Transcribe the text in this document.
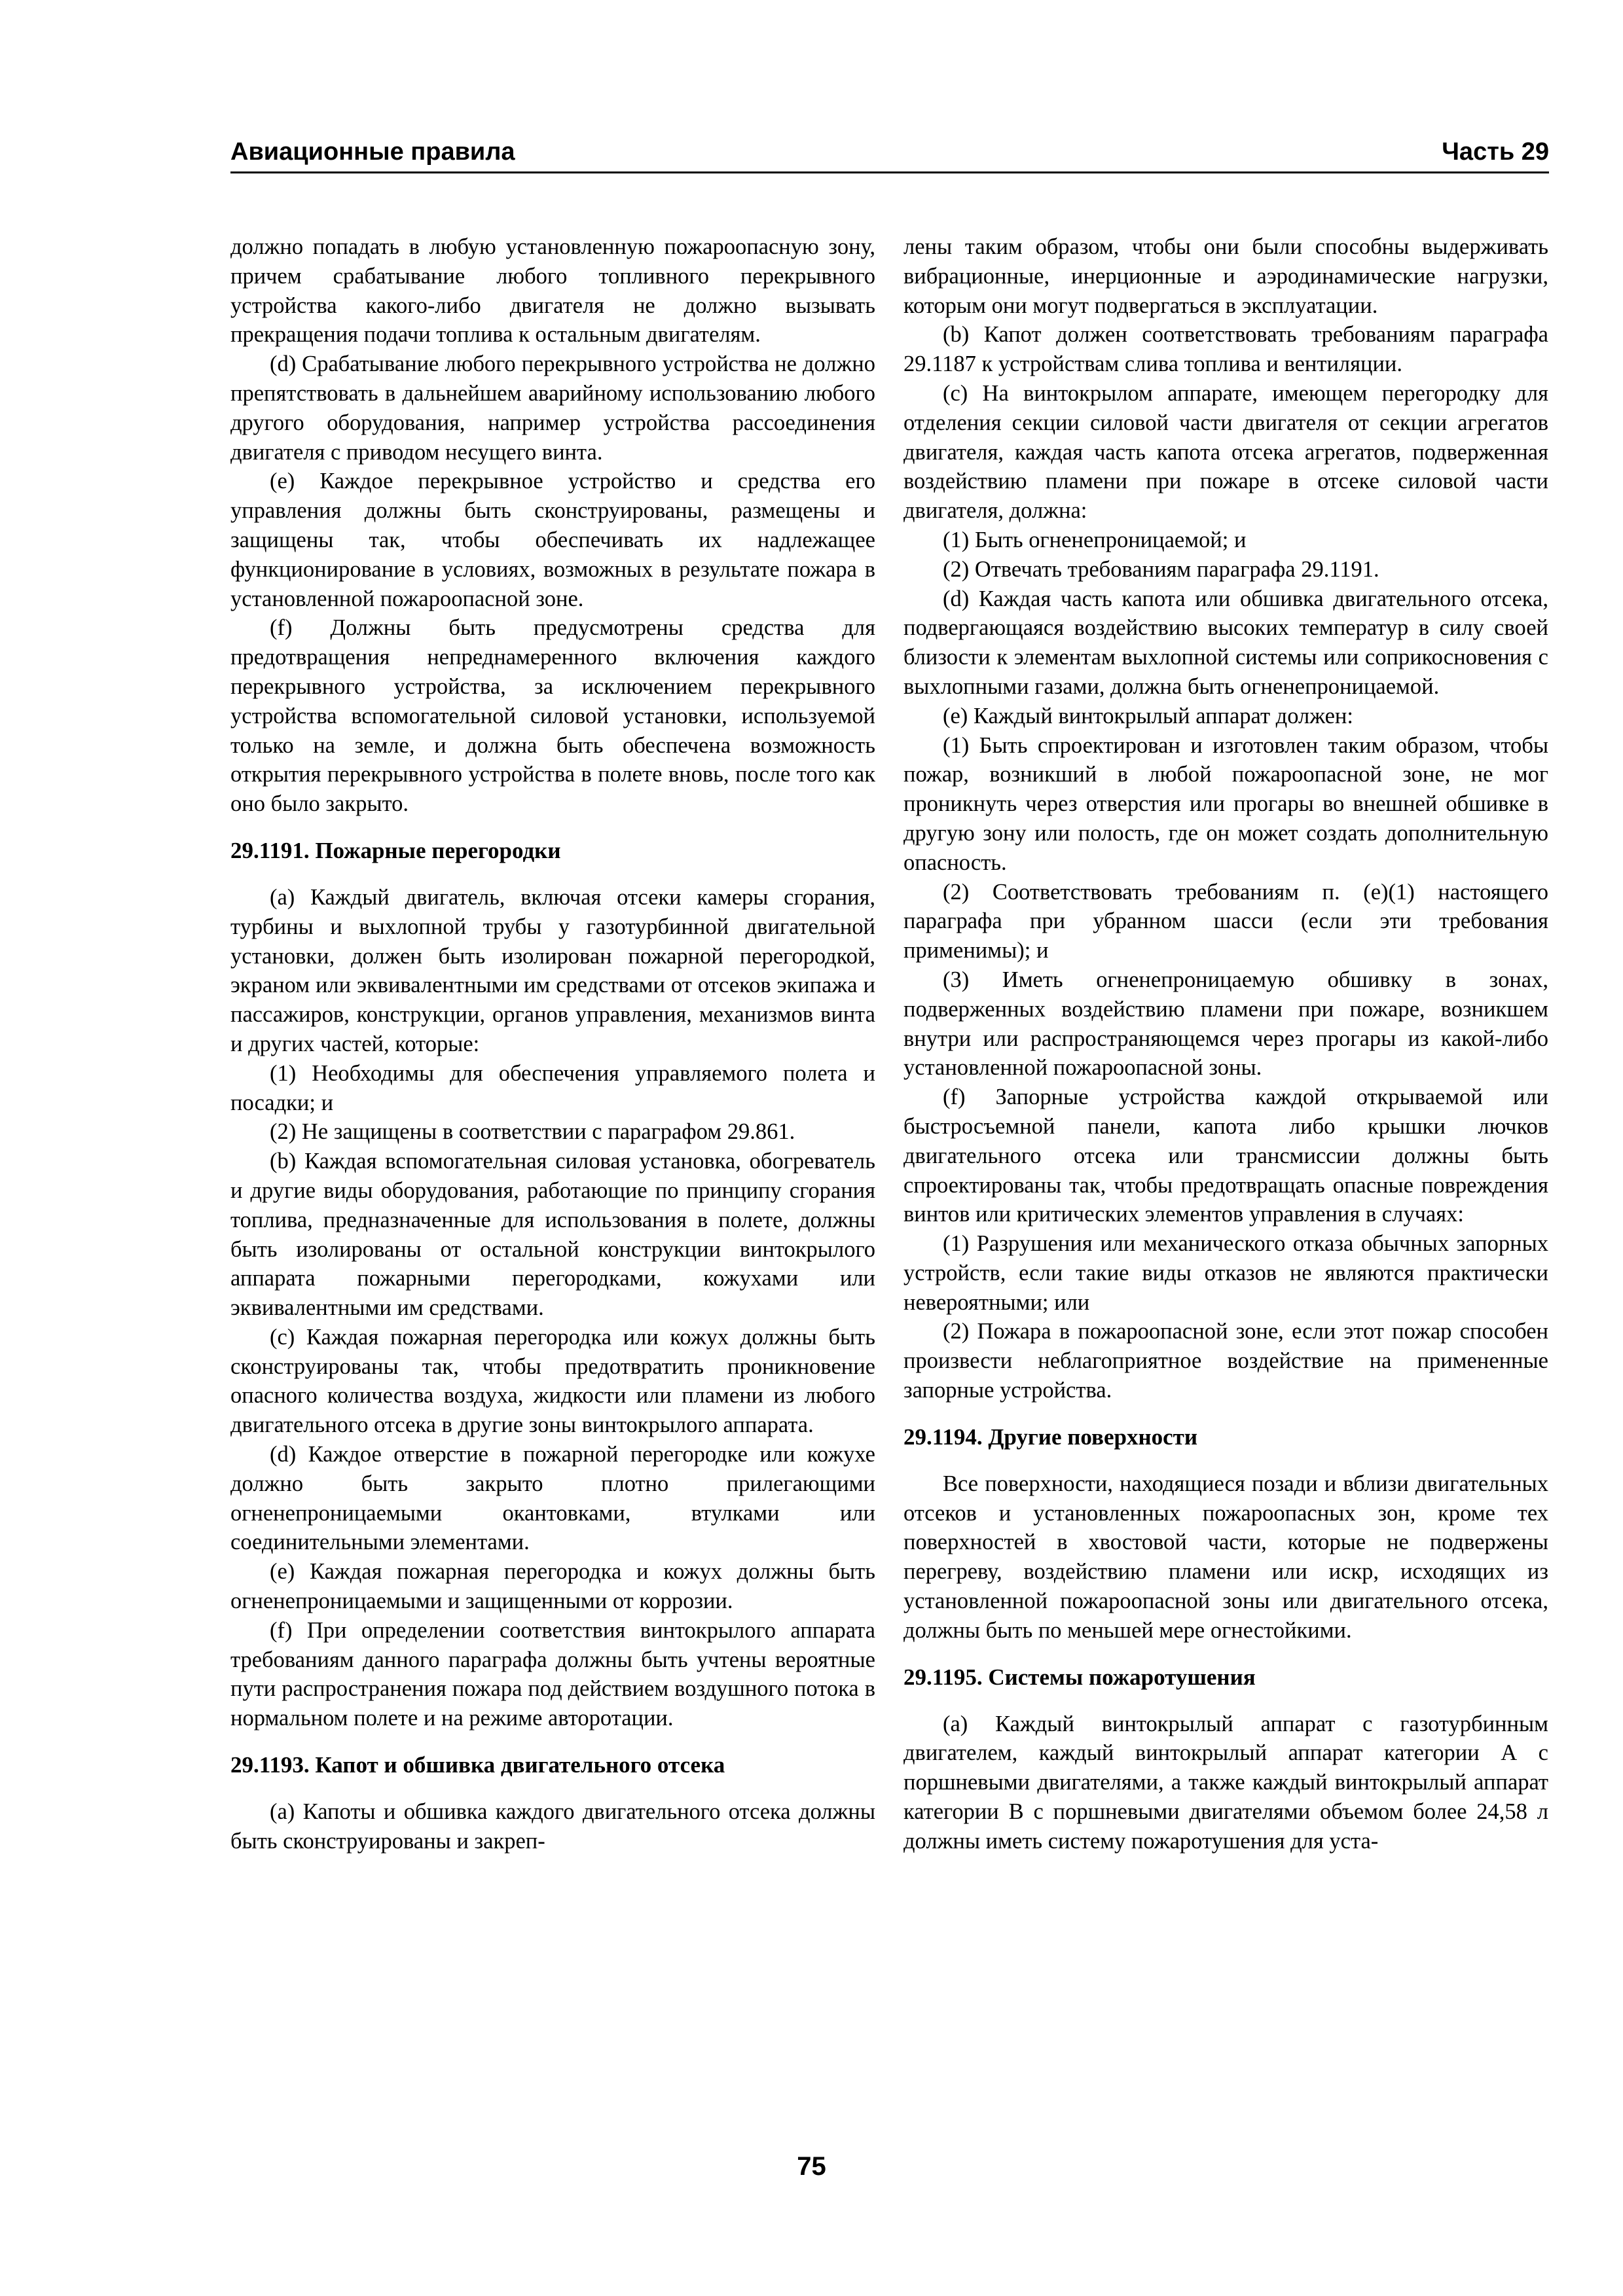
Авиационные правила	Часть 29

должно попадать в любую установленную пожароопасную зону, причем срабатывание любого топливного перекрывного устройства какого-либо двигателя не должно вызывать прекращения подачи топлива к остальным двигателям.

(d) Срабатывание любого перекрывного устройства не должно препятствовать в дальнейшем аварийному использованию любого другого оборудования, например устройства рассоединения двигателя с приводом несущего винта.

(e) Каждое перекрывное устройство и средства его управления должны быть сконструированы, размещены и защищены так, чтобы обеспечивать их надлежащее функционирование в условиях, возможных в результате пожара в установленной пожароопасной зоне.

(f) Должны быть предусмотрены средства для предотвращения непреднамеренного включения каждого перекрывного устройства, за исключением перекрывного устройства вспомогательной силовой установки, используемой только на земле, и должна быть обеспечена возможность открытия перекрывного устройства в полете вновь, после того как оно было закрыто.

29.1191. Пожарные перегородки

(a) Каждый двигатель, включая отсеки камеры сгорания, турбины и выхлопной трубы у газотурбинной двигательной установки, должен быть изолирован пожарной перегородкой, экраном или эквивалентными им средствами от отсеков экипажа и пассажиров, конструкции, органов управления, механизмов винта и других частей, которые:

(1) Необходимы для обеспечения управляемого полета и посадки; и

(2) Не защищены в соответствии с параграфом 29.861.

(b) Каждая вспомогательная силовая установка, обогреватель и другие виды оборудования, работающие по принципу сгорания топлива, предназначенные для использования в полете, должны быть изолированы от остальной конструкции винтокрылого аппарата пожарными перегородками, кожухами или эквивалентными им средствами.

(c) Каждая пожарная перегородка или кожух должны быть сконструированы так, чтобы предотвратить проникновение опасного количества воздуха, жидкости или пламени из любого двигательного отсека в другие зоны винтокрылого аппарата.

(d) Каждое отверстие в пожарной перегородке или кожухе должно быть закрыто плотно прилегающими огненепроницаемыми окантовками, втулками или соединительными элементами.

(e) Каждая пожарная перегородка и кожух должны быть огненепроницаемыми и защищенными от коррозии.

(f) При определении соответствия винтокрылого аппарата требованиям данного параграфа должны быть учтены вероятные пути распространения пожара под действием воздушного потока в нормальном полете и на режиме авторотации.

29.1193. Капот и обшивка двигательного отсека

(a) Капоты и обшивка каждого двигательного отсека должны быть сконструированы и закреп-

лены таким образом, чтобы они были способны выдерживать вибрационные, инерционные и аэродинамические нагрузки, которым они могут подвергаться в эксплуатации.

(b) Капот должен соответствовать требованиям параграфа 29.1187 к устройствам слива топлива и вентиляции.

(c) На винтокрылом аппарате, имеющем перегородку для отделения секции силовой части двигателя от секции агрегатов двигателя, каждая часть капота отсека агрегатов, подверженная воздействию пламени при пожаре в отсеке силовой части двигателя, должна:

(1) Быть огненепроницаемой; и

(2) Отвечать требованиям параграфа 29.1191.

(d) Каждая часть капота или обшивка двигательного отсека, подвергающаяся воздействию высоких температур в силу своей близости к элементам выхлопной системы или соприкосновения с выхлопными газами, должна быть огненепроницаемой.

(e) Каждый винтокрылый аппарат должен:

(1) Быть спроектирован и изготовлен таким образом, чтобы пожар, возникший в любой пожароопасной зоне, не мог проникнуть через отверстия или прогары во внешней обшивке в другую зону или полость, где он может создать дополнительную опасность.

(2) Соответствовать требованиям п. (e)(1) настоящего параграфа при убранном шасси (если эти требования применимы); и

(3) Иметь огненепроницаемую обшивку в зонах, подверженных воздействию пламени при пожаре, возникшем внутри или распространяющемся через прогары из какой-либо установленной пожароопасной зоны.

(f) Запорные устройства каждой открываемой или быстросъемной панели, капота либо крышки лючков двигательного отсека или трансмиссии должны быть спроектированы так, чтобы предотвращать опасные повреждения винтов или критических элементов управления в случаях:

(1) Разрушения или механического отказа обычных запорных устройств, если такие виды отказов не являются практически невероятными; или

(2) Пожара в пожароопасной зоне, если этот пожар способен произвести неблагоприятное воздействие на примененные запорные устройства.

29.1194. Другие поверхности

Все поверхности, находящиеся позади и вблизи двигательных отсеков и установленных пожароопасных зон, кроме тех поверхностей в хвостовой части, которые не подвержены перегреву, воздействию пламени или искр, исходящих из установленной пожароопасной зоны или двигательного отсека, должны быть по меньшей мере огнестойкими.

29.1195. Системы пожаротушения

(a) Каждый винтокрылый аппарат с газотурбинным двигателем, каждый винтокрылый аппарат категории А с поршневыми двигателями, а также каждый винтокрылый аппарат категории В с поршневыми двигателями объемом более 24,58 л должны иметь систему пожаротушения для уста-

75
